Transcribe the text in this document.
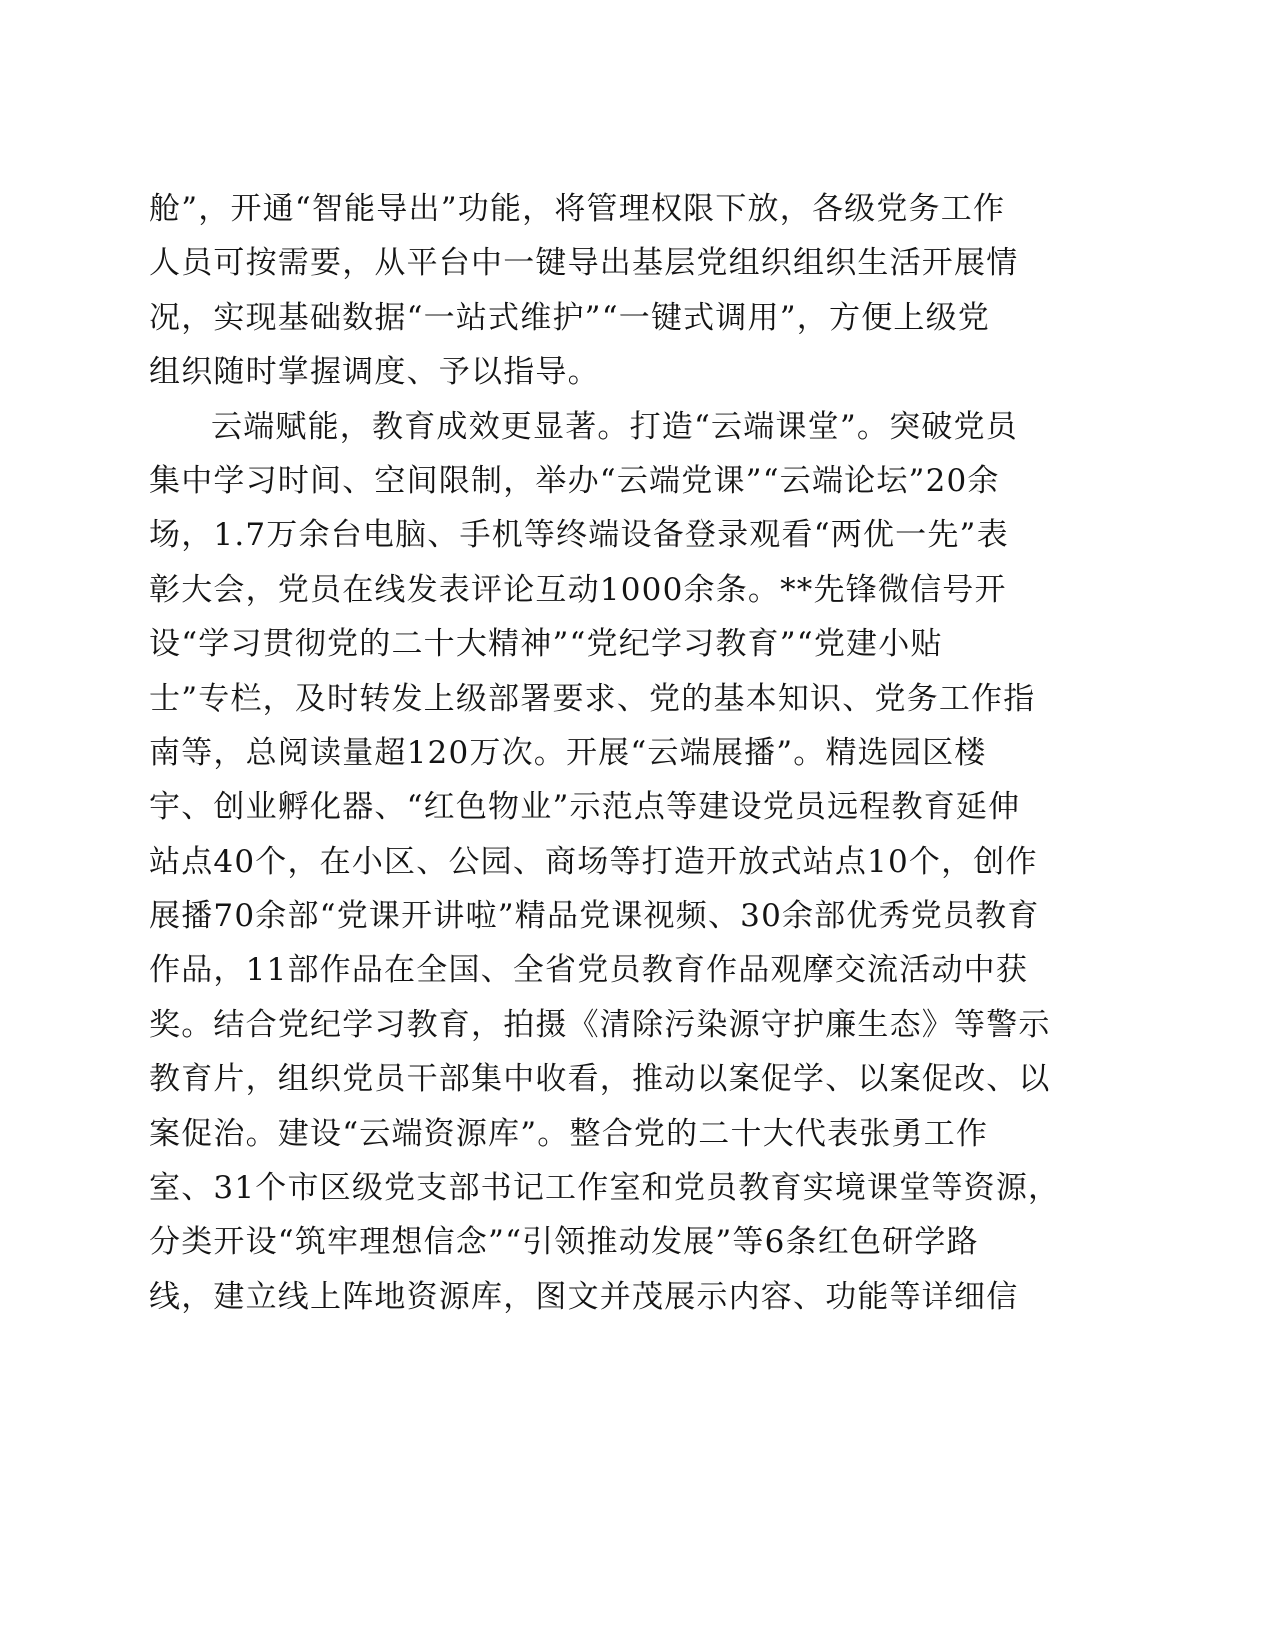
舱”，开通“智能导出”功能，将管理权限下放，各级党务工作
人员可按需要，从平台中一键导出基层党组织组织生活开展情
况，实现基础数据“一站式维护”“一键式调用”，方便上级党
组织随时掌握调度、予以指导。
云端赋能，教育成效更显著。打造“云端课堂”。突破党员
集中学习时间、空间限制，举办“云端党课”“云端论坛”20余
场，1.7万余台电脑、手机等终端设备登录观看“两优一先”表
彰大会，党员在线发表评论互动1000余条。**先锋微信号开
设“学习贯彻党的二十大精神”“党纪学习教育”“党建小贴
士”专栏，及时转发上级部署要求、党的基本知识、党务工作指
南等，总阅读量超120万次。开展“云端展播”。精选园区楼
宇、创业孵化器、“红色物业”示范点等建设党员远程教育延伸
站点40个，在小区、公园、商场等打造开放式站点10个，创作
展播70余部“党课开讲啦”精品党课视频、30余部优秀党员教育
作品，11部作品在全国、全省党员教育作品观摩交流活动中获
奖。结合党纪学习教育，拍摄《清除污染源守护廉生态》等警示
教育片，组织党员干部集中收看，推动以案促学、以案促改、以
案促治。建设“云端资源库”。整合党的二十大代表张勇工作
室、31个市区级党支部书记工作室和党员教育实境课堂等资源，
分类开设“筑牢理想信念”“引领推动发展”等6条红色研学路
线，建立线上阵地资源库，图文并茂展示内容、功能等详细信
